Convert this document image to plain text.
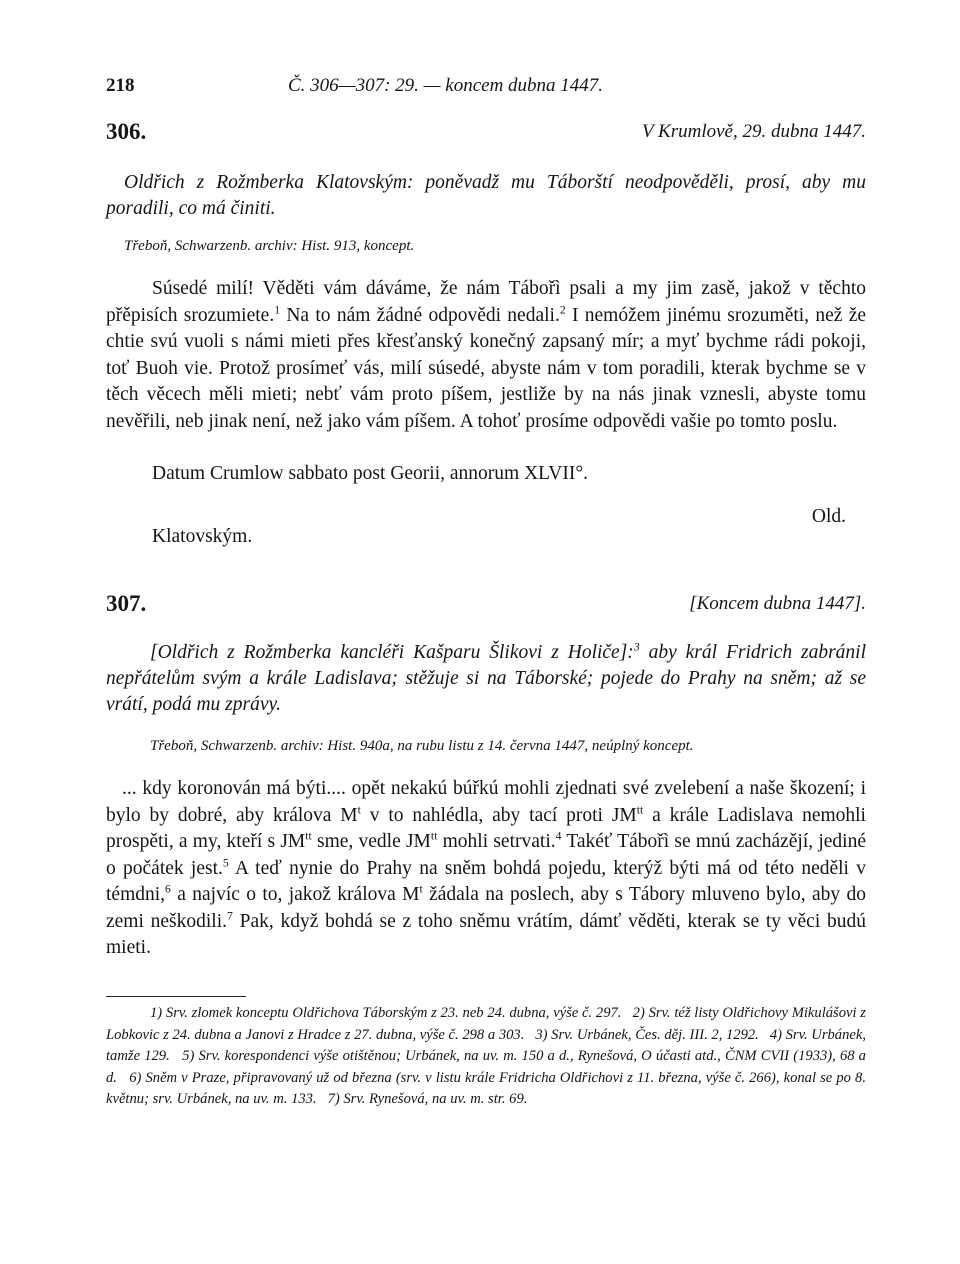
218	Č. 306—307: 29. — koncem dubna 1447.
306.	V Krumlově, 29. dubna 1447.
Oldřich z Rožmberka Klatovským: poněvadž mu Táborští neodpověděli, prosí, aby mu poradili, co má činiti.
Třeboň, Schwarzenb. archiv: Hist. 913, koncept.
Súsedé milí! Věděti vám dáváme, že nám Tábořì psali a my jim zasě, jakož v těchto přěpisích srozumiete.$^1$ Na to nám žádné odpovědi nedali.$^2$ I nemóžem jinému srozuměti, než že chtie svú vuoli s námi mieti přes křesťanský konečný zapsaný mír; a myť bychme rádi pokoji, toť Buoh vie. Protož prosímeť vás, milí súsedé, abyste nám v tom poradili, kterak bychme se v těch věcech měli mieti; nebť vám proto píšem, jestliže by na nás jinak vznesli, abyste tomu nevěřili, neb jinak není, než jako vám píšem. A tohoť prosíme odpovědi vašie po tomto poslu.
Datum Crumlow sabbato post Georii, annorum XLVII°.
Old.
Klatovským.
307.	[Koncem dubna 1447].
[Oldřich z Rožmberka kancléři Kašparu Šlikovi z Holiče]:$^3$ aby král Fridrich zabránil nepřátelům svým a krále Ladislava; stěžuje si na Táborské; pojede do Prahy na sněm; až se vrátí, podá mu zprávy.
Třeboň, Schwarzenb. archiv: Hist. 940a, na rubu listu z 14. června 1447, neúplný koncept.
... kdy koronován má býti.... opět nekakú búřkú mohli zjednati své zvelebení a naše škození; i bylo by dobré, aby králova $M^t$ v to nahlédla, aby tací proti $JM^{tt}$ a krále Ladislava nemohli prospěti, a my, kteří s $JM^{tt}$ sme, vedle $JM^{tt}$ mohli setrvati.$^4$ Takéť Tábořì se mnú zacházějí, jediné o počátek jest.$^5$ A teď nynie do Prahy na sněm bohdá pojedu, kterýž býti má od této neděli v témdni,$^6$ a najvíc o to, jakož králova $M^t$ žádala na poslech, aby s Tábory mluveno bylo, aby do zemi neškodili.$^7$ Pak, když bohdá se z toho sněmu vrátím, dámť věděti, kterak se ty věci budú mieti.
1) Srv. zlomek konceptu Oldřichova Táborským z 23. neb 24. dubna, výše č. 297. 2) Srv. též listy Oldřichovy Mikulášovi z Lobkovic z 24. dubna a Janovi z Hradce z 27. dubna, výše č. 298 a 303. 3) Srv. Urbánek, Čes. děj. III. 2, 1292. 4) Srv. Urbánek, tamže 129. 5) Srv. korespondenci výše otištěnou; Urbánek, na uv. m. 150 a d., Rynešová, O účasti atd., ČNM CVII (1933), 68 a d. 6) Sněm v Praze, připravovaný už od března (srv. v listu krále Fridricha Oldřichovi z 11. března, výše č. 266), konal se po 8. květnu; srv. Urbánek, na uv. m. 133. 7) Srv. Rynešová, na uv. m. str. 69.
